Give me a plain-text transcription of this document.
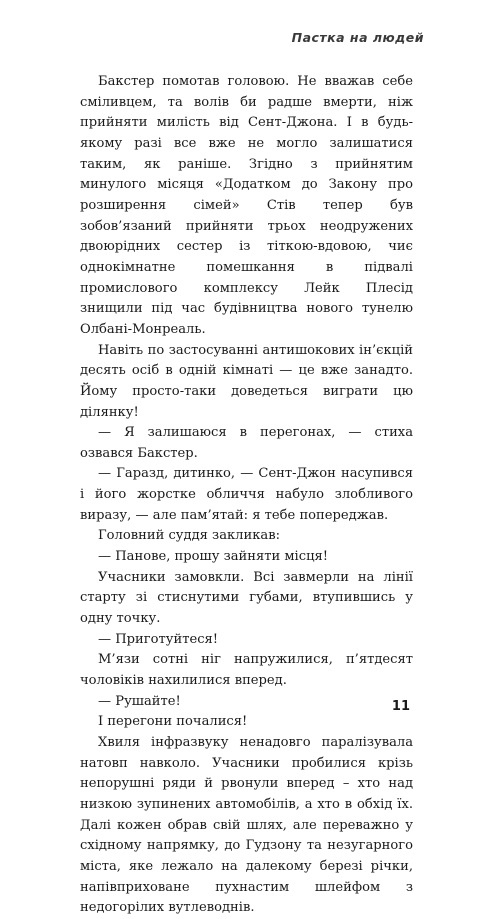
Пастка на людей

Бакстер помотав головою. Не вважав себе сміливцем, та волів би радше вмерти, ніж прийняти милість від Сент-Джона. І в будь-якому разі все вже не могло залишатися таким, як раніше. Згідно з прийнятим минулого місяця «Додатком до Закону про розширення сімей» Стів тепер був зобов’язаний прийняти трьох неодружених двоюрідних сестер із тіткою-вдовою, чиє однокімнатне помешкання в підвалі промислового комплексу Лейк Плесід знищили під час будівництва нового тунелю Олбані-Монреаль.

Навіть по застосуванні антишокових ін’єкцій десять осіб в одній кімнаті — це вже занадто. Йому просто-таки доведеться виграти цю ділянку!

— Я залишаюся в перегонах, — стиха озвався Бакстер.

— Гаразд, дитинко, — Сент-Джон насупився і його жорстке обличчя набуло злобливого виразу, — але пам’ятай: я тебе попереджав.

Головний суддя закликав:

— Панове, прошу зайняти місця!

Учасники замовкли. Всі завмерли на лінії старту зі стиснутими губами, втупившись у одну точку.

— Приготуйтеся!

М’язи сотні ніг напружилися, п’ятдесят чоловіків нахилилися вперед.

— Рушайте!

І перегони почалися!

Хвиля інфразвуку ненадовго паралізувала натовп навколо. Учасники пробилися крізь непорушні ряди й рвонули вперед – хто над низкою зупинених автомобілів, а хто в обхід їх. Далі кожен обрав свій шлях, але переважно у східному напрямку, до Гудзону та незугарного міста, яке лежало на далекому березі річки, напівприховане пухнастим шлейфом з недогорілих вутлеводнів.

11
